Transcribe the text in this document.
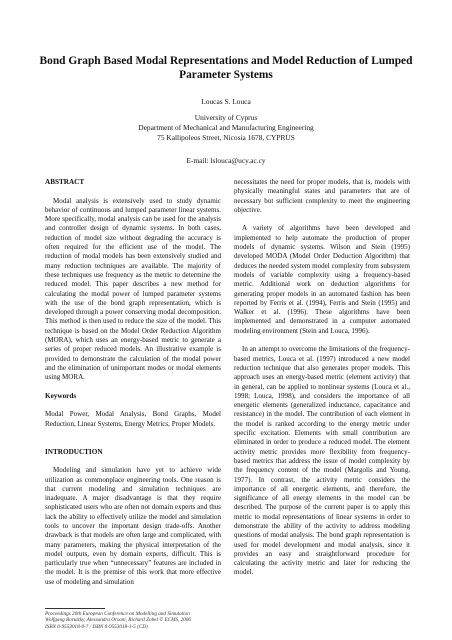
Bond Graph Based Modal Representations and Model Reduction of Lumped Parameter Systems
Loucas S. Louca
University of Cyprus
Department of Mechanical and Manufacturing Engineering
75 Kallipoleos Street, Nicosia 1678, CYPRUS
E-mail: lslouca@ucy.ac.cy
ABSTRACT
Modal analysis is extensively used to study dynamic behavior of continuous and lumped parameter linear systems. More specifically, modal analysis can be used for the analysis and controller design of dynamic systems. In both cases, reduction of model size without degrading the accuracy is often required for the efficient use of the model. The reduction of modal models has been extensively studied and many reduction techniques are available. The majority of these techniques use frequency as the metric to determine the reduced model. This paper describes a new method for calculating the modal power of lumped parameter systems with the use of the bond graph representation, which is developed through a power conserving modal decomposition. This method is then used to reduce the size of the model. This technique is based on the Model Order Reduction Algorithm (MORA), which uses an energy-based metric to generate a series of proper reduced models. An illustrative example is provided to demonstrate the calculation of the modal power and the elimination of unimportant modes or modal elements using MORA.
Keywords
Modal Power, Modal Analysis, Bond Graphs, Model Reduction, Linear Systems, Energy Metrics, Proper Models.
INTRODUCTION
Modeling and simulation have yet to achieve wide utilization as commonplace engineering tools. One reason is that current modeling and simulation techniques are inadequate. A major disadvantage is that they require sophisticated users who are often not domain experts and thus lack the ability to effectively utilize the model and simulation tools to uncover the important design trade-offs. Another drawback is that models are often large and complicated, with many parameters, making the physical interpretation of the model outputs, even by domain experts, difficult. This is particularly true when “unnecessary” features are included in the model. It is the premise of this work that more effective use of modeling and simulation
necessitates the need for proper models, that is, models with physically meaningful states and parameters that are of necessary but sufficient complexity to meet the engineering objective.
A variety of algorithms have been developed and implemented to help automate the production of proper models of dynamic systems. Wilson and Stein (1995) developed MODA (Model Order Deduction Algorithm) that deduces the needed system model complexity from subsystem models of variable complexity using a frequency-based metric. Additional work on deduction algorithms for generating proper models in an automated fashion has been reported by Ferris et al. (1994), Ferris and Stein (1995) and Walker et al. (1996). These algorithms have been implemented and demonstrated in a computer automated modeling environment (Stein and Louca, 1996).
In an attempt to overcome the limitations of the frequency-based metrics, Louca et al. (1997) introduced a new model reduction technique that also generates proper models. This approach uses an energy-based metric (element activity) that in general, can be applied to nonlinear systems (Louca et al., 1998; Louca, 1998), and considers the importance of all energetic elements (generalized inductance, capacitance and resistance) in the model. The contribution of each element in the model is ranked according to the energy metric under specific excitation. Elements with small contribution are eliminated in order to produce a reduced model. The element activity metric provides more flexibility from frequency-based metrics that address the issue of model complexity by the frequency content of the model (Margolis and Young, 1977). In contrast, the activity metric considers the importance of all energetic elements, and therefore, the significance of all energy elements in the model can be described. The purpose of the current paper is to apply this metric to modal representations of linear systems in order to demonstrate the ability of the activity to address modeling questions of modal analysis. The bond graph representation is used for model development and modal analysis, since it provides an easy and straightforward procedure for calculating the activity metric and later for reducing the model.
Proceedings 20th European Conference on Modelling and Simulation
Wolfgang Borutzky, Alessandra Orsoni, Richard Zobel © ECMS, 2006
ISBN 0-9553018-0-7 / ISBN 0-9553018-1-5 (CD)
